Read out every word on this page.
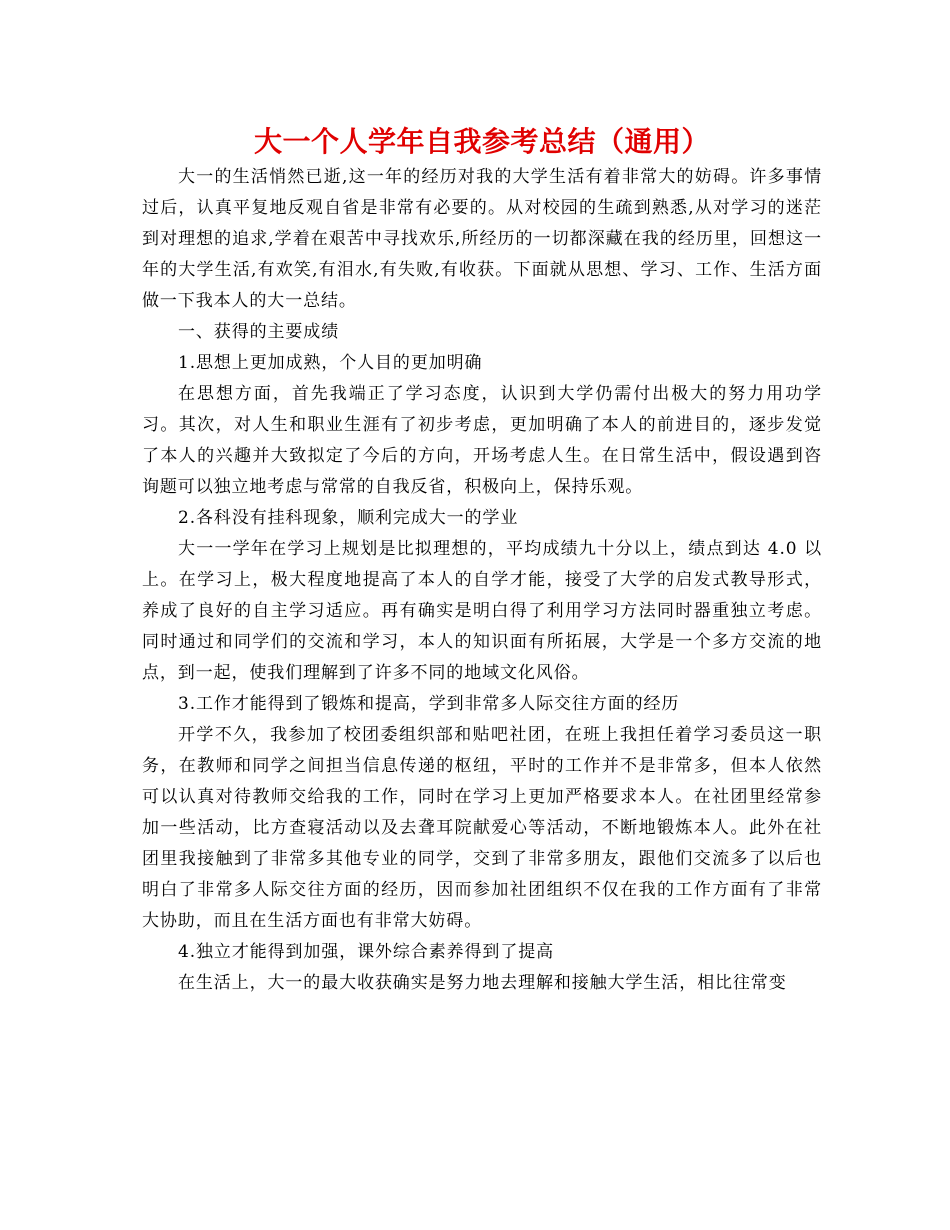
大一个人学年自我参考总结（通用）

大一的生活悄然已逝,这一年的经历对我的大学生活有着非常大的妨碍。许多事情过后，认真平复地反观自省是非常有必要的。从对校园的生疏到熟悉,从对学习的迷茫到对理想的追求,学着在艰苦中寻找欢乐,所经历的一切都深藏在我的经历里，回想这一年的大学生活,有欢笑,有泪水,有失败,有收获。下面就从思想、学习、工作、生活方面做一下我本人的大一总结。

一、获得的主要成绩

1.思想上更加成熟，个人目的更加明确

在思想方面，首先我端正了学习态度，认识到大学仍需付出极大的努力用功学习。其次，对人生和职业生涯有了初步考虑，更加明确了本人的前进目的，逐步发觉了本人的兴趣并大致拟定了今后的方向，开场考虑人生。在日常生活中，假设遇到咨询题可以独立地考虑与常常的自我反省，积极向上，保持乐观。

2.各科没有挂科现象，顺利完成大一的学业

大一一学年在学习上规划是比拟理想的，平均成绩九十分以上，绩点到达 4.0 以上。在学习上，极大程度地提高了本人的自学才能，接受了大学的启发式教导形式，养成了良好的自主学习适应。再有确实是明白得了利用学习方法同时器重独立考虑。同时通过和同学们的交流和学习，本人的知识面有所拓展，大学是一个多方交流的地点，到一起，使我们理解到了许多不同的地域文化风俗。

3.工作才能得到了锻炼和提高，学到非常多人际交往方面的经历

开学不久，我参加了校团委组织部和贴吧社团，在班上我担任着学习委员这一职务，在教师和同学之间担当信息传递的枢纽，平时的工作并不是非常多，但本人依然可以认真对待教师交给我的工作，同时在学习上更加严格要求本人。在社团里经常参加一些活动，比方查寝活动以及去聋耳院献爱心等活动，不断地锻炼本人。此外在社团里我接触到了非常多其他专业的同学，交到了非常多朋友，跟他们交流多了以后也明白了非常多人际交往方面的经历，因而参加社团组织不仅在我的工作方面有了非常大协助，而且在生活方面也有非常大妨碍。

4.独立才能得到加强，课外综合素养得到了提高

在生活上，大一的最大收获确实是努力地去理解和接触大学生活，相比往常变
